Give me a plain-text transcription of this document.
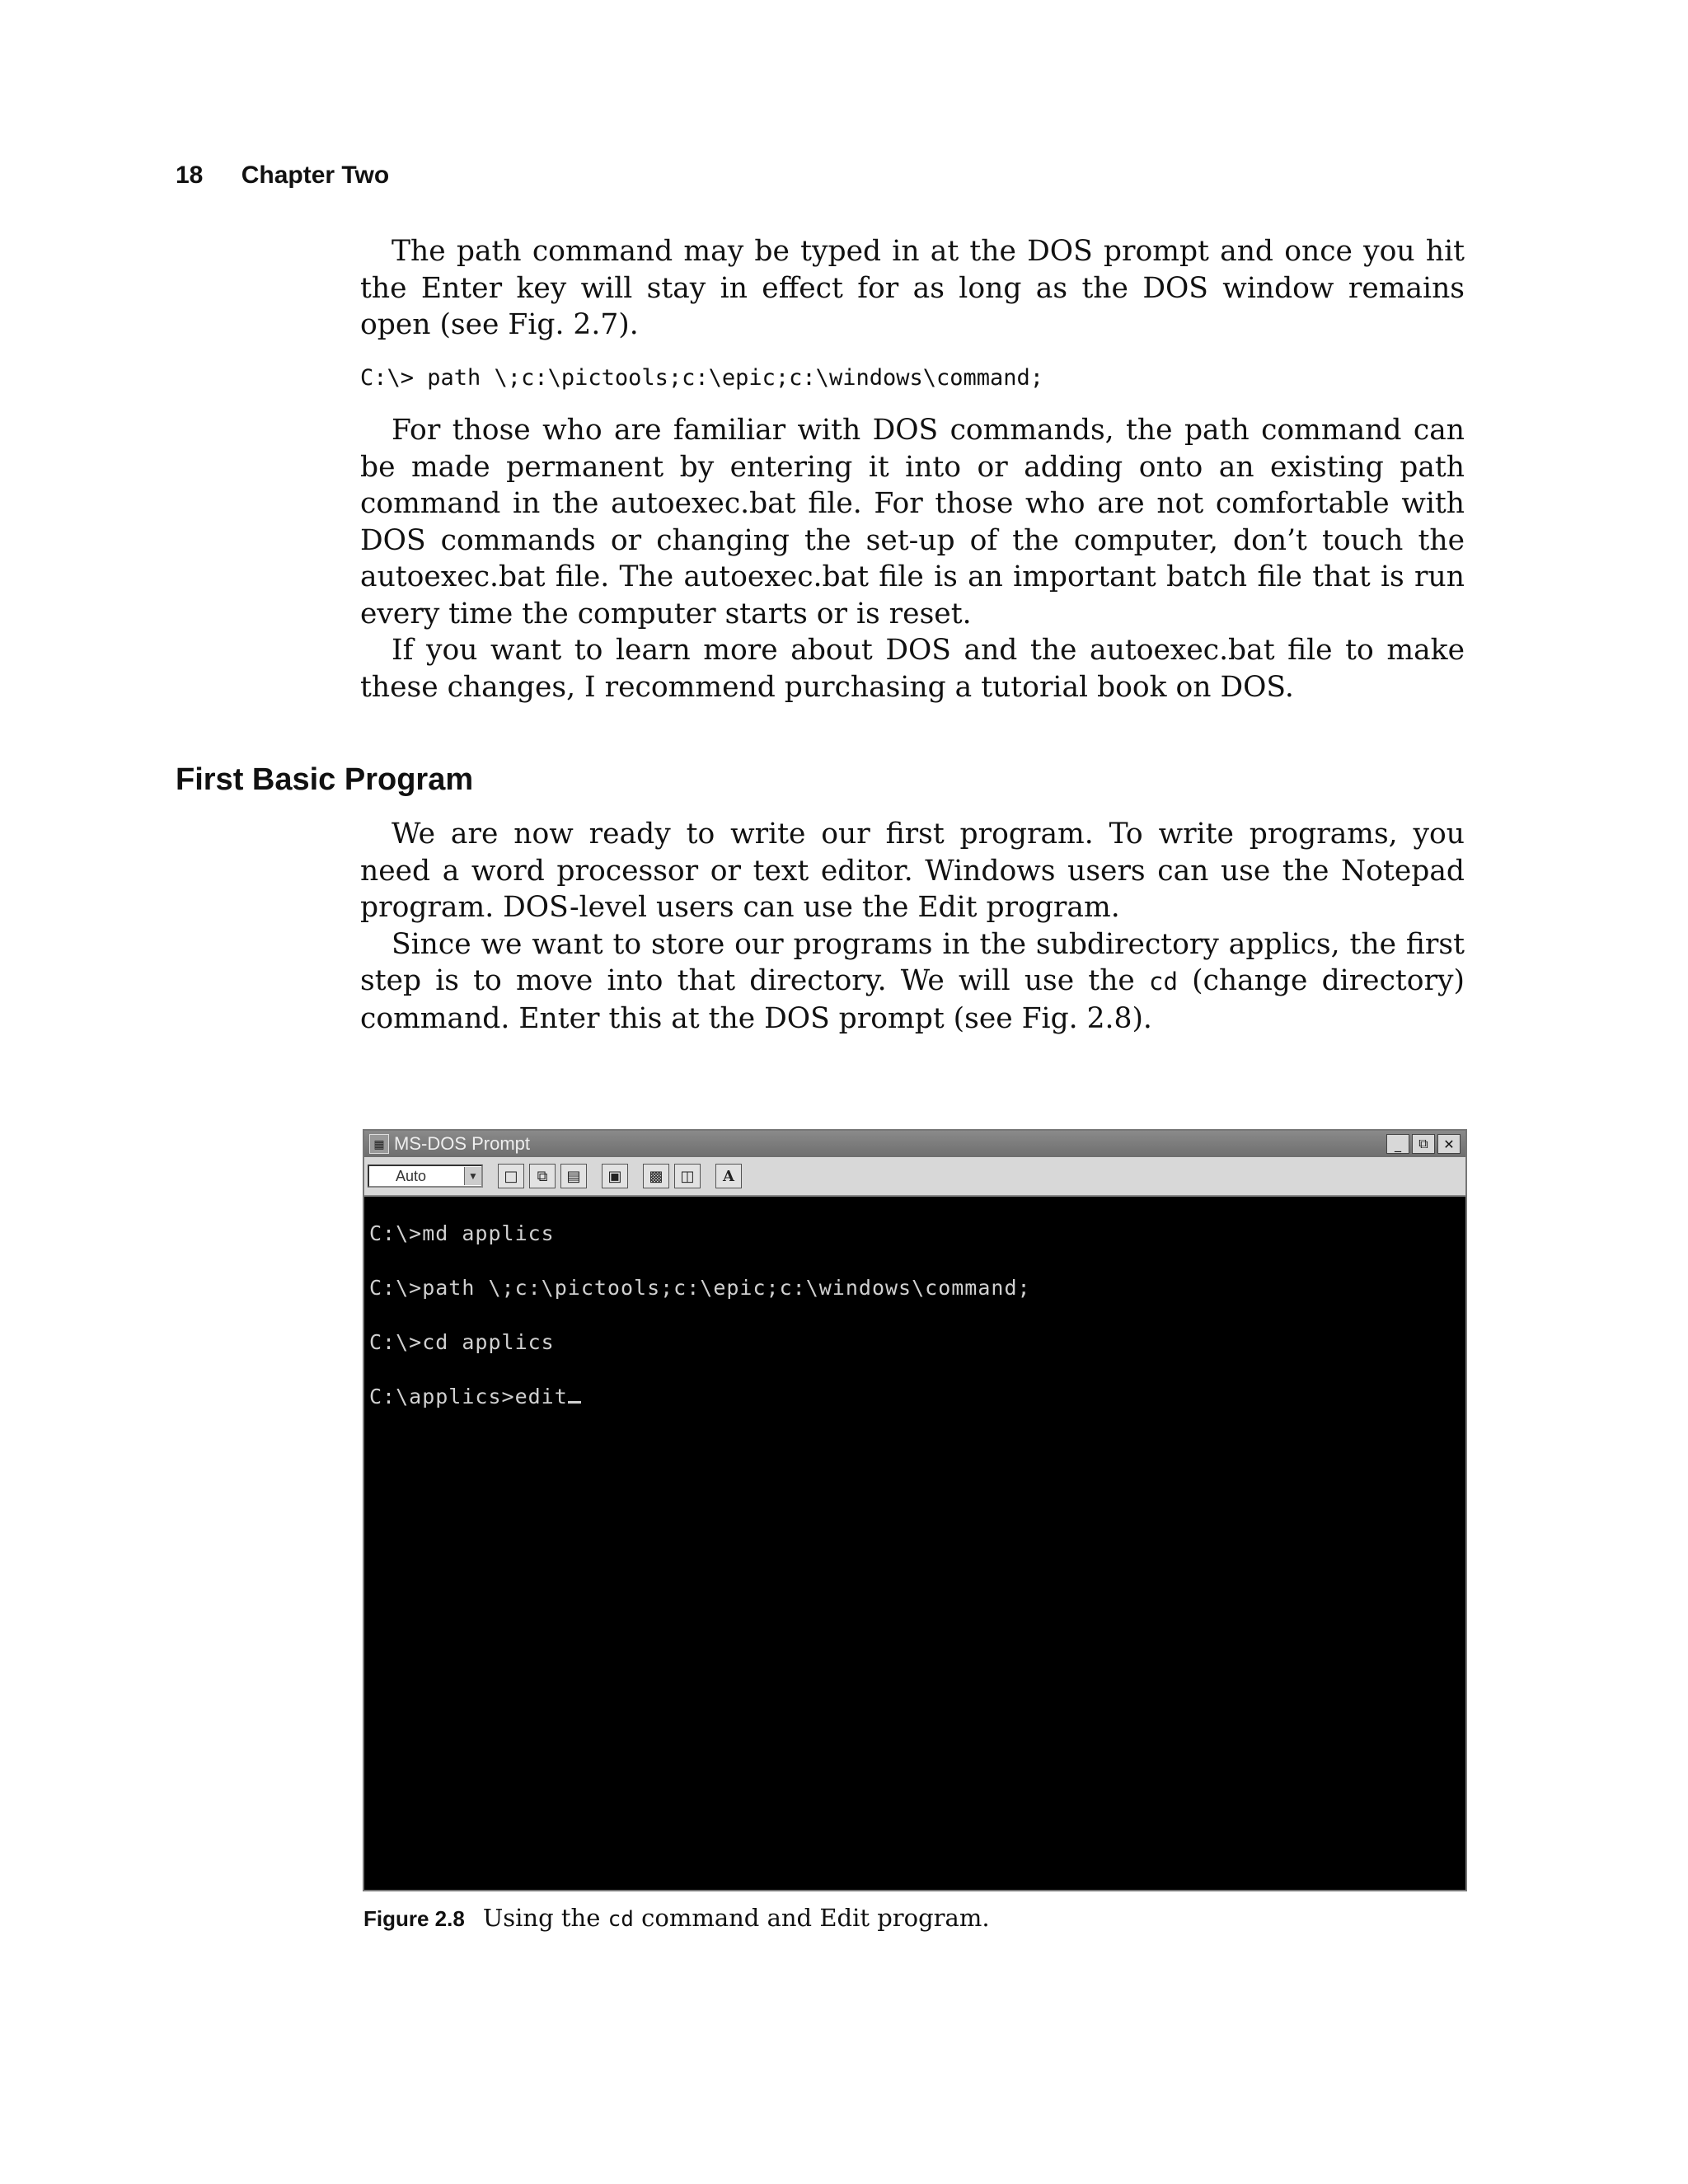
18 Chapter Two

The path command may be typed in at the DOS prompt and once you hit the Enter key will stay in effect for as long as the DOS window remains open (see Fig. 2.7).

C:\> path \;c:\pictools;c:\epic;c:\windows\command;

For those who are familiar with DOS commands, the path command can be made permanent by entering it into or adding onto an existing path command in the autoexec.bat file. For those who are not comfortable with DOS commands or changing the set-up of the computer, don’t touch the autoexec.bat file. The autoexec.bat file is an important batch file that is run every time the computer starts or is reset.

If you want to learn more about DOS and the autoexec.bat file to make these changes, I recommend purchasing a tutorial book on DOS.

First Basic Program

We are now ready to write our first program. To write programs, you need a word processor or text editor. Windows users can use the Notepad program. DOS-level users can use the Edit program.

Since we want to store our programs in the subdirectory applics, the first step is to move into that directory. We will use the cd (change directory) command. Enter this at the DOS prompt (see Fig. 2.8).

▦ MS-DOS Prompt	_	⧉	✕
Auto	▼	□	⧉	▤	▣	▩	◫	A
C:\>md applics
C:\>path \;c:\pictools;c:\epic;c:\windows\command;
C:\>cd applics
C:\applics>edit
Figure 2.8 Using the cd command and Edit program.
